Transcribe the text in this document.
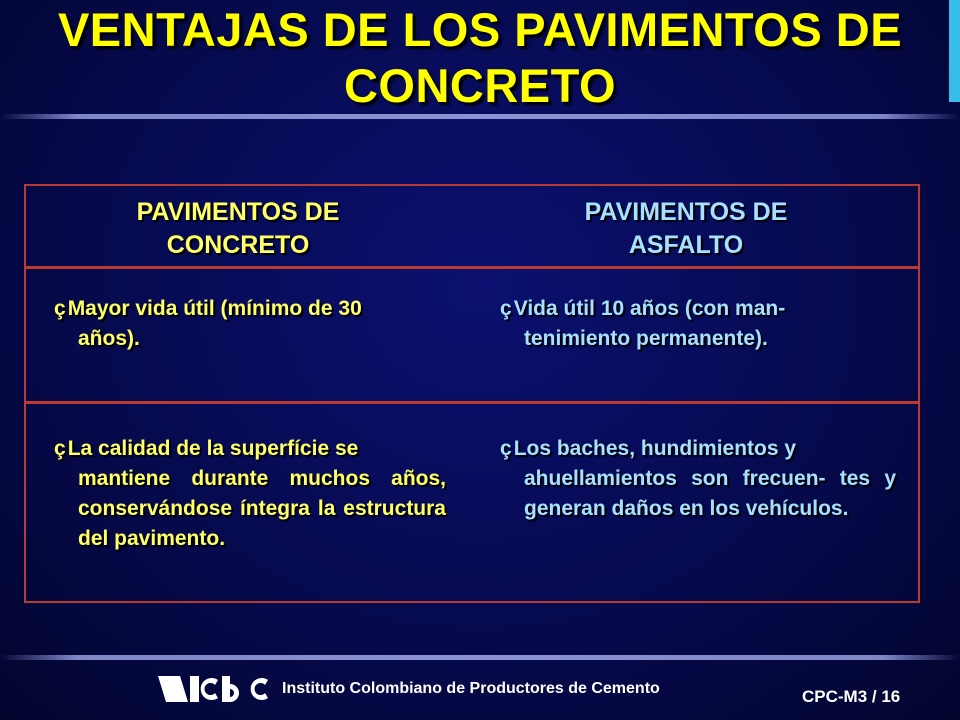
VENTAJAS DE LOS PAVIMENTOS DE
CONCRETO
PAVIMENTOS DE
CONCRETO
PAVIMENTOS DE
ASFALTO
çMayor vida útil (mínimo de 30
años).
çVida útil 10 años (con man-
tenimiento permanente).
çLa calidad de la superfície se
mantiene durante muchos años, conservándose íntegra la estructura del pavimento.
çLos baches, hundimientos y
ahuellamientos son frecuen- tes y generan daños en los vehículos.
Instituto Colombiano de Productores de Cemento	CPC-M3 / 16
